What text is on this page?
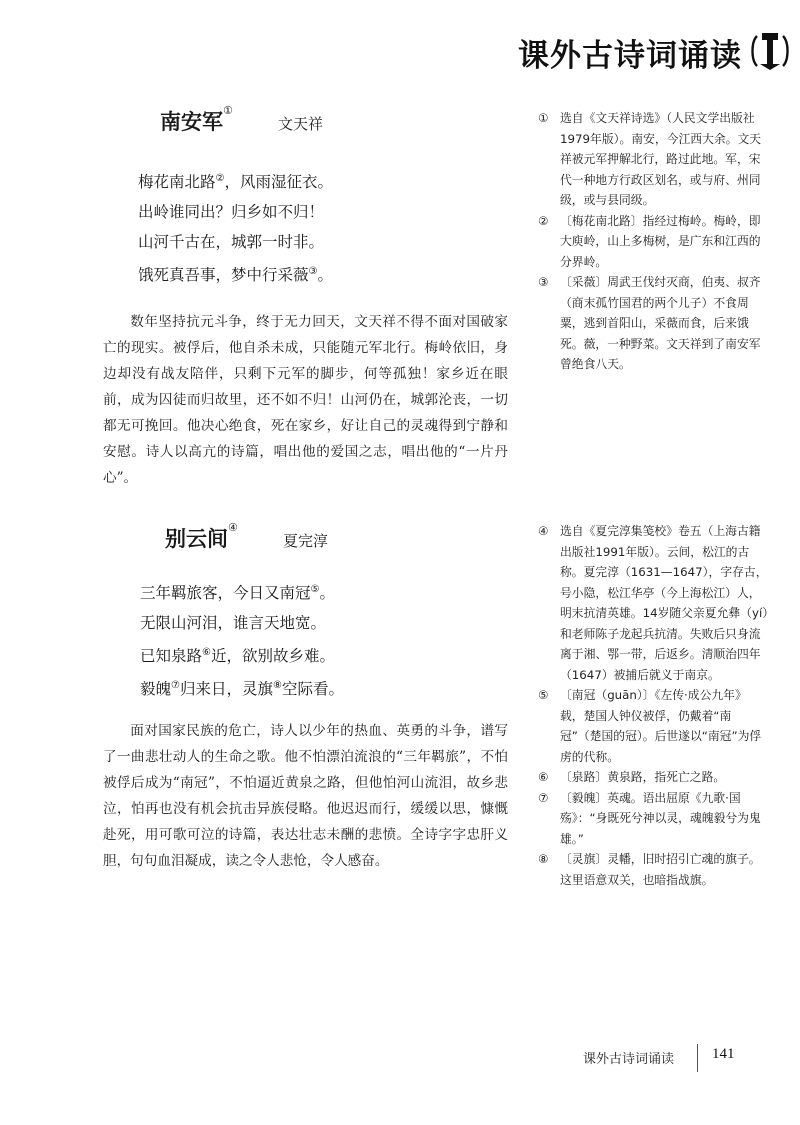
课外古诗词诵读
南安军① 文天祥
梅花南北路②，风雨湿征衣。
出岭谁同出？归乡如不归！
山河千古在，城郭一时非。
饿死真吾事，梦中行采薇③。

数年坚持抗元斗争，终于无力回天，文天祥不得不面对国破家亡的现实。被俘后，他自杀未成，只能随元军北行。梅岭依旧，身边却没有战友陪伴，只剩下元军的脚步，何等孤独！家乡近在眼前，成为囚徒而归故里，还不如不归！山河仍在，城郭沦丧，一切都无可挽回。他决心绝食，死在家乡，好让自己的灵魂得到宁静和安慰。诗人以高亢的诗篇，唱出他的爱国之志，唱出他的“一片丹心”。

① 选自《文天祥诗选》（人民文学出版社1979年版）。南安，今江西大余。文天祥被元军押解北行，路过此地。军，宋代一种地方行政区划名，或与府、州同级，或与县同级。
② 〔梅花南北路〕指经过梅岭。梅岭，即大庾岭，山上多梅树，是广东和江西的分界岭。
③ 〔采薇〕周武王伐纣灭商，伯夷、叔齐（商末孤竹国君的两个儿子）不食周粟，逃到首阳山，采薇而食，后来饿死。薇，一种野菜。文天祥到了南安军曾绝食八天。
别云间④ 夏完淳
三年羁旅客，今日又南冠⑤。
无限山河泪，谁言天地宽。
已知泉路⑥近，欲别故乡难。
毅魄⑦归来日，灵旗⑧空际看。

面对国家民族的危亡，诗人以少年的热血、英勇的斗争，谱写了一曲悲壮动人的生命之歌。他不怕漂泊流浪的“三年羁旅”，不怕被俘后成为“南冠”，不怕逼近黄泉之路，但他怕河山流泪，故乡悲泣，怕再也没有机会抗击异族侵略。他迟迟而行，缓缓以思，慷慨赴死，用可歌可泣的诗篇，表达壮志未酬的悲愤。全诗字字忠肝义胆，句句血泪凝成，读之令人悲怆，令人感奋。

④ 选自《夏完淳集笺校》卷五（上海古籍出版社1991年版）。云间，松江的古称。夏完淳（1631—1647），字存古，号小隐，松江华亭（今上海松江）人，明末抗清英雄。14岁随父亲夏允彝（yí）和老师陈子龙起兵抗清。失败后只身流离于湘、鄂一带，后返乡。清顺治四年（1647）被捕后就义于南京。
⑤ 〔南冠（guān）〕《左传·成公九年》载，楚国人钟仪被俘，仍戴着“南冠”（楚国的冠）。后世遂以“南冠”为俘虏的代称。
⑥ 〔泉路〕黄泉路，指死亡之路。
⑦ 〔毅魄〕英魂。语出屈原《九歌·国殇》：“身既死兮神以灵，魂魄毅兮为鬼雄。”
⑧ 〔灵旗〕灵幡，旧时招引亡魂的旗子。这里语意双关，也暗指战旗。
课外古诗词诵读	141
